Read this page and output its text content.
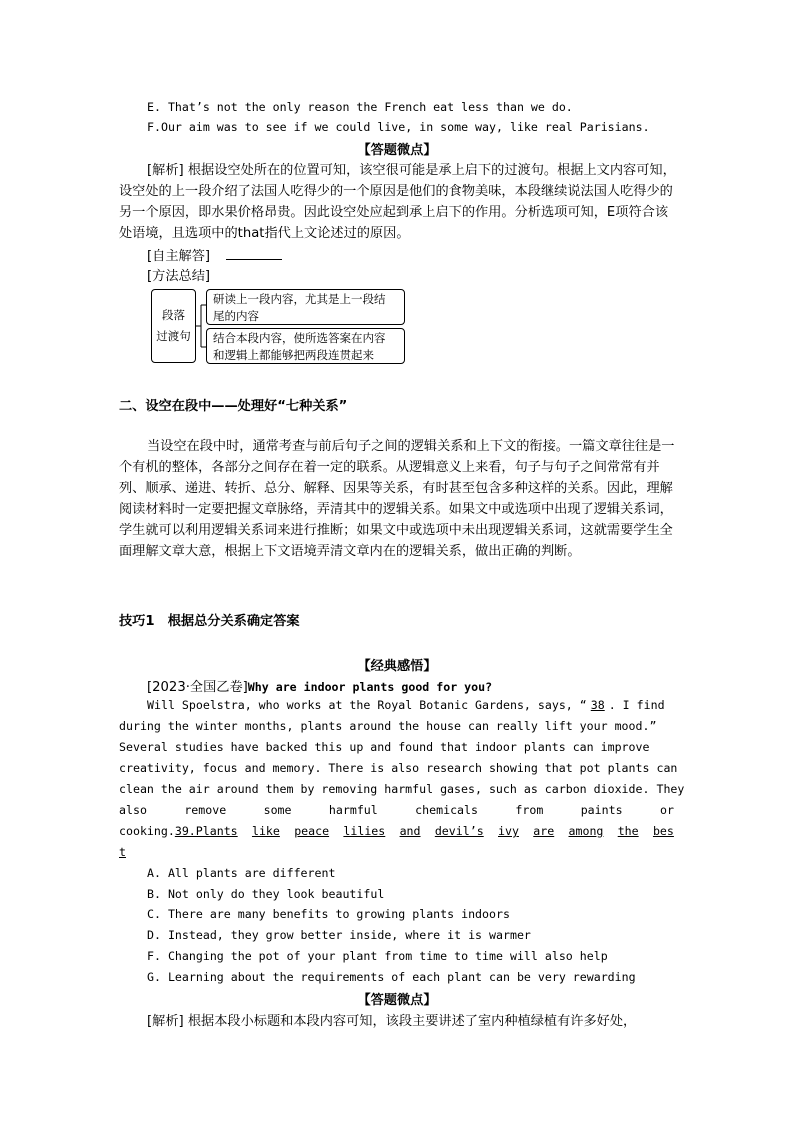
E. That’s not the only reason the French eat less than we do.
F.Our aim was to see if we could live, in some way, like real Parisians.
【答题微点】
[解析] 根据设空处所在的位置可知，该空很可能是承上启下的过渡句。根据上文内容可知，设空处的上一段介绍了法国人吃得少的一个原因是他们的食物美味，本段继续说法国人吃得少的另一个原因，即水果价格昂贵。因此设空处应起到承上启下的作用。分析选项可知，E项符合该处语境，且选项中的that指代上文论述过的原因。
[自主解答]
[方法总结]
段落
过渡句
研读上一段内容，尤其是上一段结
尾的内容
结合本段内容，使所选答案在内容
和逻辑上都能够把两段连贯起来
二、设空在段中——处理好“七种关系”
当设空在段中时，通常考查与前后句子之间的逻辑关系和上下文的衔接。一篇文章往往是一个有机的整体，各部分之间存在着一定的联系。从逻辑意义上来看，句子与句子之间常常有并列、顺承、递进、转折、总分、解释、因果等关系，有时甚至包含多种这样的关系。因此，理解阅读材料时一定要把握文章脉络，弄清其中的逻辑关系。如果文中或选项中出现了逻辑关系词，学生就可以利用逻辑关系词来进行推断；如果文中或选项中未出现逻辑关系词，这就需要学生全面理解文章大意，根据上下文语境弄清文章内在的逻辑关系，做出正确的判断。
技巧1　根据总分关系确定答案
【经典感悟】
[2023·全国乙卷]Why are indoor plants good for you?
Will Spoelstra, who works at the Royal Botanic Gardens, says, “ 38 . I find
during the winter months, plants around the house can really lift your mood.”
Several studies have backed this up and found that indoor plants can improve
creativity, focus and memory. There is also research showing that pot plants can
clean the air around them by removing harmful gases, such as carbon dioxide. They
also	remove	some	harmful	chemicals	from	paints	or
cooking. 39.Plants like peace lilies and devil’s ivy are among the bes
t
A. All plants are different
B. Not only do they look beautiful
C. There are many benefits to growing plants indoors
D. Instead, they grow better inside, where it is warmer
F. Changing the pot of your plant from time to time will also help
G. Learning about the requirements of each plant can be very rewarding
【答题微点】
[解析] 根据本段小标题和本段内容可知，该段主要讲述了室内种植绿植有许多好处，
